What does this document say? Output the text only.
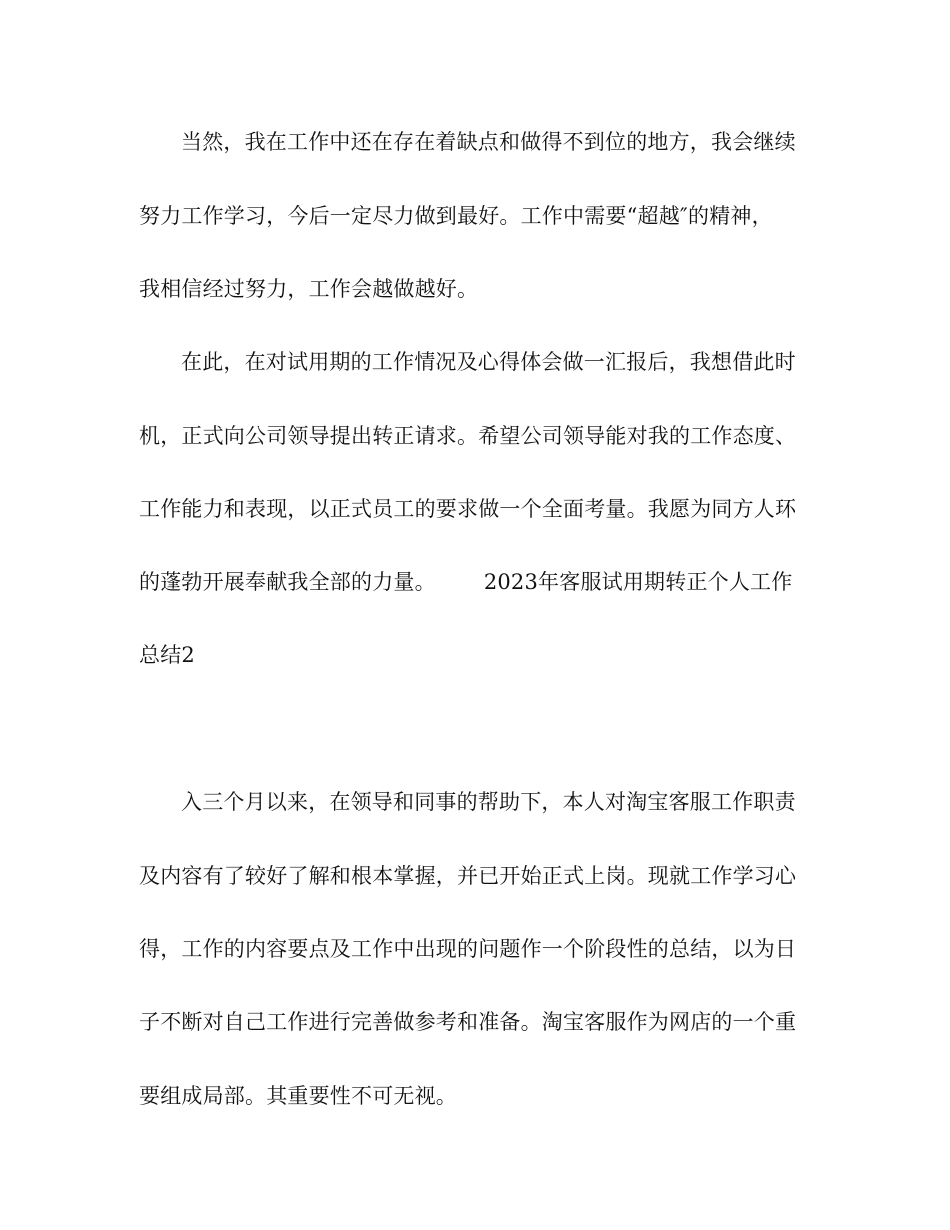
当然，我在工作中还在存在着缺点和做得不到位的地方，我会继续
努力工作学习，今后一定尽力做到最好。工作中需要“超越″的精神，
我相信经过努力，工作会越做越好。
在此，在对试用期的工作情况及心得体会做一汇报后，我想借此时
机，正式向公司领导提出转正请求。希望公司领导能对我的工作态度、
工作能力和表现，以正式员工的要求做一个全面考量。我愿为同方人环
的蓬勃开展奉献我全部的力量。 2023年客服试用期转正个人工作
总结2
入三个月以来，在领导和同事的帮助下，本人对淘宝客服工作职责
及内容有了较好了解和根本掌握，并已开始正式上岗。现就工作学习心
得，工作的内容要点及工作中出现的问题作一个阶段性的总结，以为日
子不断对自己工作进行完善做参考和准备。淘宝客服作为网店的一个重
要组成局部。其重要性不可无视。
